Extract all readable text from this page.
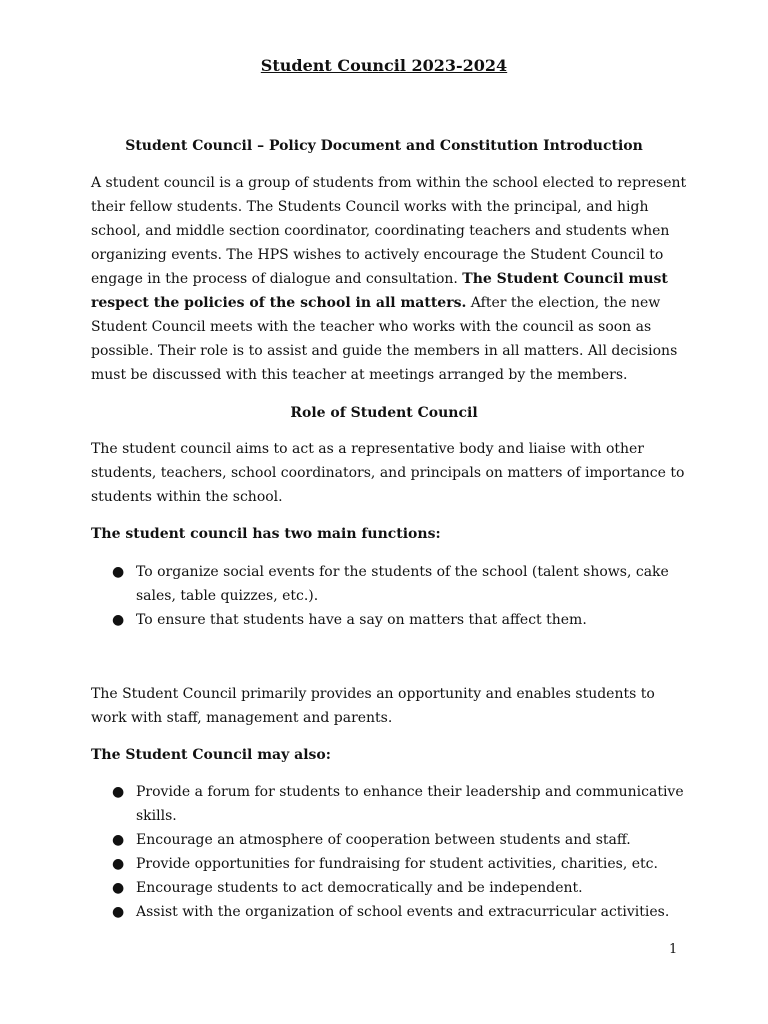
Student Council 2023-2024

Student Council – Policy Document and Constitution Introduction

A student council is a group of students from within the school elected to represent their fellow students. The Students Council works with the principal, and high school, and middle section coordinator, coordinating teachers and students when organizing events. The HPS wishes to actively encourage the Student Council to engage in the process of dialogue and consultation. The Student Council must respect the policies of the school in all matters. After the election, the new Student Council meets with the teacher who works with the council as soon as possible. Their role is to assist and guide the members in all matters. All decisions must be discussed with this teacher at meetings arranged by the members.

Role of Student Council

The student council aims to act as a representative body and liaise with other students, teachers, school coordinators, and principals on matters of importance to students within the school.

The student council has two main functions:

● To organize social events for the students of the school (talent shows, cake sales, table quizzes, etc.).
● To ensure that students have a say on matters that affect them.

The Student Council primarily provides an opportunity and enables students to work with staff, management and parents.

The Student Council may also:

● Provide a forum for students to enhance their leadership and communicative skills.
● Encourage an atmosphere of cooperation between students and staff.
● Provide opportunities for fundraising for student activities, charities, etc.
● Encourage students to act democratically and be independent.
● Assist with the organization of school events and extracurricular activities.
1
